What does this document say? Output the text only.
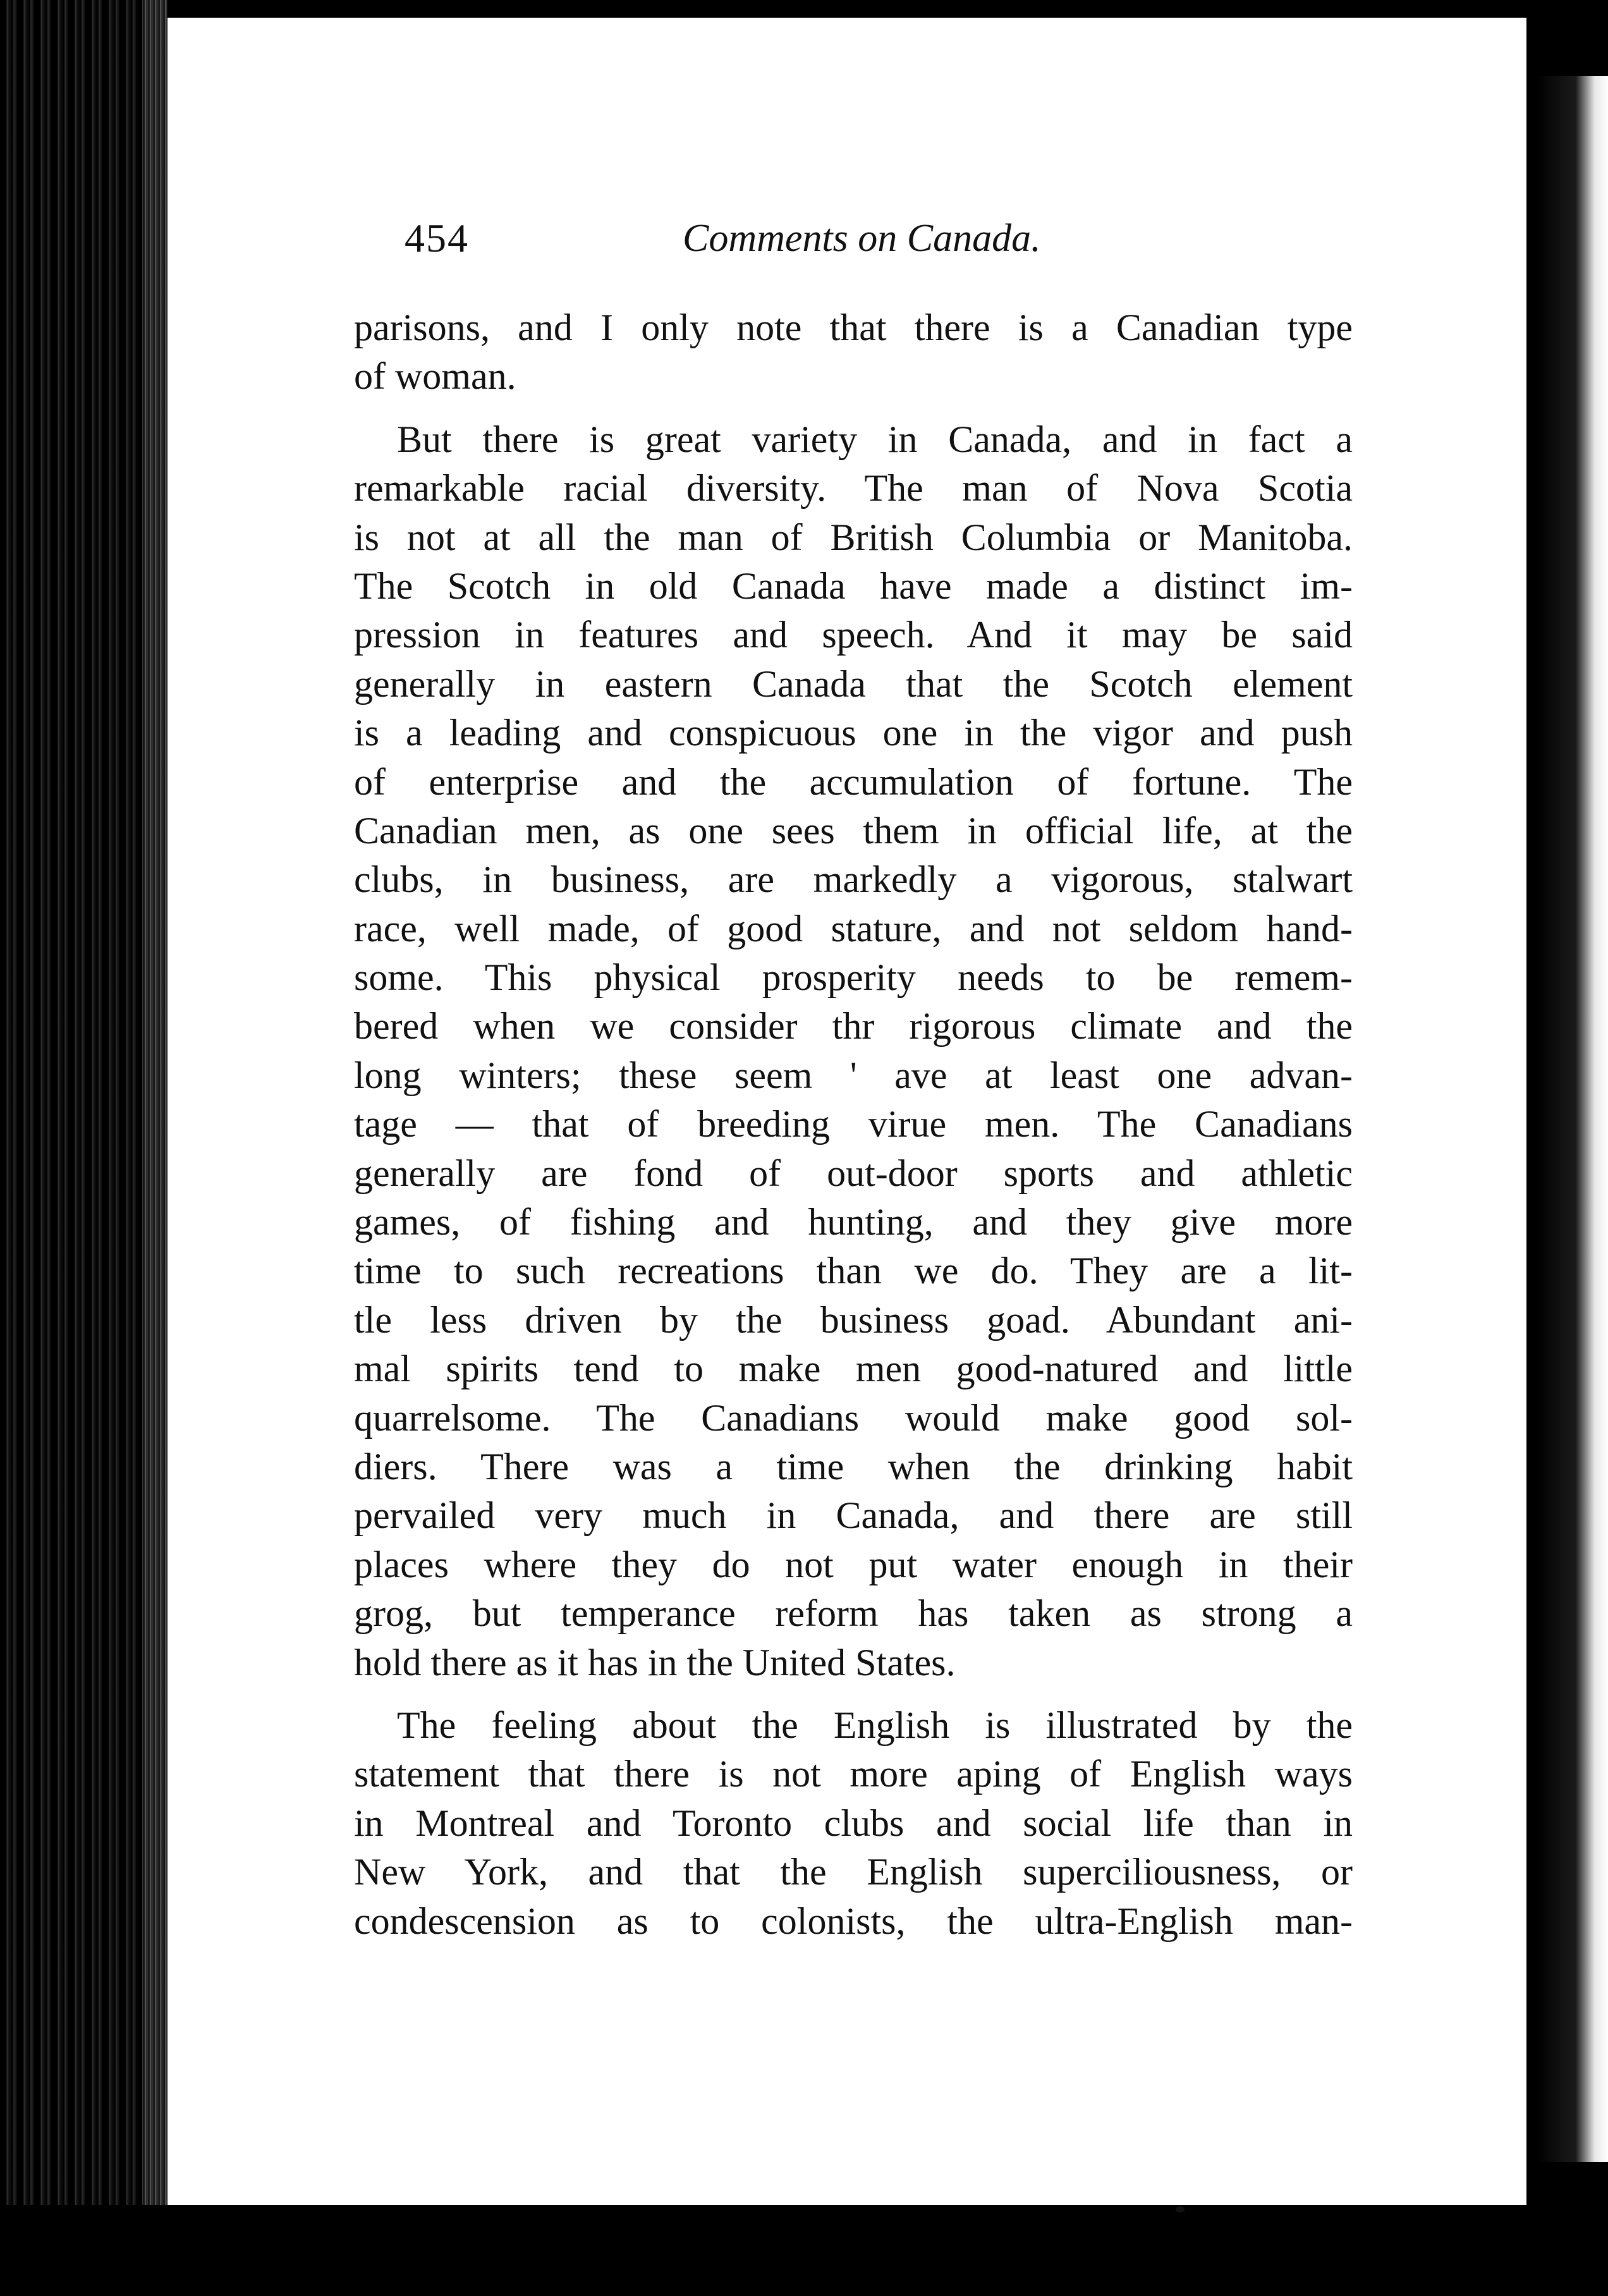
454	Comments on Canada.
parisons, and I only note that there is a Canadian type
of woman.
But there is great variety in Canada, and in fact a
remarkable racial diversity. The man of Nova Scotia
is not at all the man of British Columbia or Manitoba.
The Scotch in old Canada have made a distinct im-
pression in features and speech. And it may be said
generally in eastern Canada that the Scotch element
is a leading and conspicuous one in the vigor and push
of enterprise and the accumulation of fortune. The
Canadian men, as one sees them in official life, at the
clubs, in business, are markedly a vigorous, stalwart
race, well made, of good stature, and not seldom hand-
some. This physical prosperity needs to be remem-
bered when we consider thr rigorous climate and the
long winters; these seem ' ave at least one advan-
tage — that of breeding virue men. The Canadians
generally are fond of out-door sports and athletic
games, of fishing and hunting, and they give more
time to such recreations than we do. They are a lit-
tle less driven by the business goad. Abundant ani-
mal spirits tend to make men good-natured and little
quarrelsome. The Canadians would make good sol-
diers. There was a time when the drinking habit
pervailed very much in Canada, and there are still
places where they do not put water enough in their
grog, but temperance reform has taken as strong a
hold there as it has in the United States.
The feeling about the English is illustrated by the
statement that there is not more aping of English ways
in Montreal and Toronto clubs and social life than in
New York, and that the English superciliousness, or
condescension as to colonists, the ultra-English man-
